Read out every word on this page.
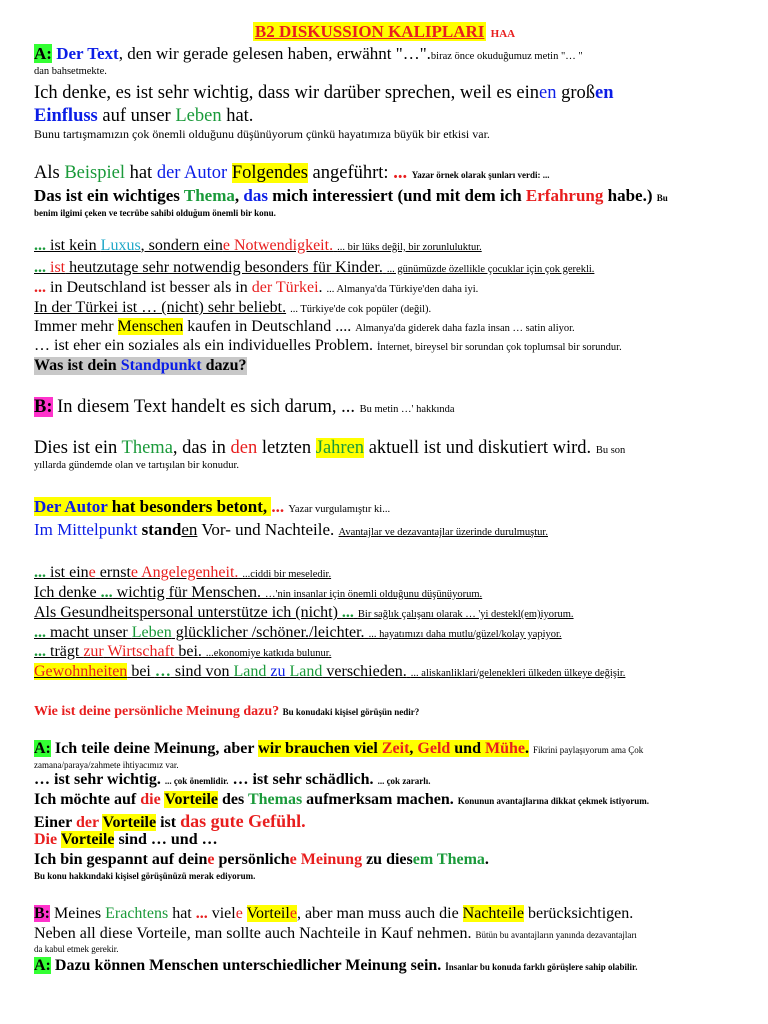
B2 DISKUSSION KALIPLARI HAA
A: Der Text, den wir gerade gelesen haben, erwähnt "…".biraz önce okuduğumuz metin "… "
dan bahsetmekte.
Ich denke, es ist sehr wichtig, dass wir darüber sprechen, weil es einen großen
Einfluss auf unser Leben hat.
Bunu tartışmamızın çok önemli olduğunu düşünüyorum çünkü hayatımıza büyük bir etkisi var.
Als Beispiel hat der Autor Folgendes angeführt: ... Yazar örnek olarak şunları verdi: ...
Das ist ein wichtiges Thema, das mich interessiert (und mit dem ich Erfahrung habe.) Bu
benim ilgimi çeken ve tecrübe sahibi olduğum önemli bir konu.
... ist kein Luxus, sondern eine Notwendigkeit. ... bir lüks değil, bir zorunluluktur.
... ist heutzutage sehr notwendig besonders für Kinder. ... günümüzde özellikle çocuklar için çok gerekli.
... in Deutschland ist besser als in der Türkei. ... Almanya'da Türkiye'den daha iyi.
In der Türkei ist … (nicht) sehr beliebt. ... Türkiye'de cok popüler (değil).
Immer mehr Menschen kaufen in Deutschland .... Almanya'da giderek daha fazla insan … satin aliyor.
… ist eher ein soziales als ein individuelles Problem. İnternet, bireysel bir sorundan çok toplumsal bir sorundur.
Was ist dein Standpunkt dazu?
B: In diesem Text handelt es sich darum, ... Bu metin …' hakkında
Dies ist ein Thema, das in den letzten Jahren aktuell ist und diskutiert wird. Bu son
yıllarda gündemde olan ve tartışılan bir konudur.
Der Autor hat besonders betont, ... Yazar vurgulamıştır ki...
Im Mittelpunkt standen Vor- und Nachteile. Avantajlar ve dezavantajlar üzerinde durulmuştur.
... ist eine ernste Angelegenheit. ...ciddi bir meseledir.
Ich denke ... wichtig für Menschen. …'nin insanlar için önemli olduğunu düşünüyorum.
Als Gesundheitspersonal unterstütze ich (nicht) ... Bir sağlık çalışanı olarak … 'yi destekl(em)iyorum.
... macht unser Leben glücklicher /schöner./leichter. ... hayatımızı daha mutlu/güzel/kolay yapiyor.
... trägt zur Wirtschaft bei. ...ekonomiye katkıda bulunur.
Gewohnheiten bei … sind von Land zu Land verschieden. ... aliskanliklari/gelenekleri ülkeden ülkeye değişir.
Wie ist deine persönliche Meinung dazu? Bu konudaki kişisel görüşün nedir?
A: Ich teile deine Meinung, aber wir brauchen viel Zeit, Geld und Mühe. Fikrini paylaşıyorum ama Çok
zamana/paraya/zahmete ihtiyacımız var.
… ist sehr wichtig. ... çok önemlidir. … ist sehr schädlich. ... çok zararlı.
Ich möchte auf die Vorteile des Themas aufmerksam machen. Konunun avantajlarına dikkat çekmek istiyorum.
Einer der Vorteile ist das gute Gefühl.
Die Vorteile sind … und …
Ich bin gespannt auf deine persönliche Meinung zu diesem Thema.
Bu konu hakkındaki kişisel görüşünüzü merak ediyorum.
B: Meines Erachtens hat ... viele Vorteile, aber man muss auch die Nachteile berücksichtigen.
Neben all diese Vorteile, man sollte auch Nachteile in Kauf nehmen. Bütün bu avantajların yanında dezavantajları
da kabul etmek gerekir.
A: Dazu können Menschen unterschiedlicher Meinung sein. İnsanlar bu konuda farklı görüşlere sahip olabilir.
